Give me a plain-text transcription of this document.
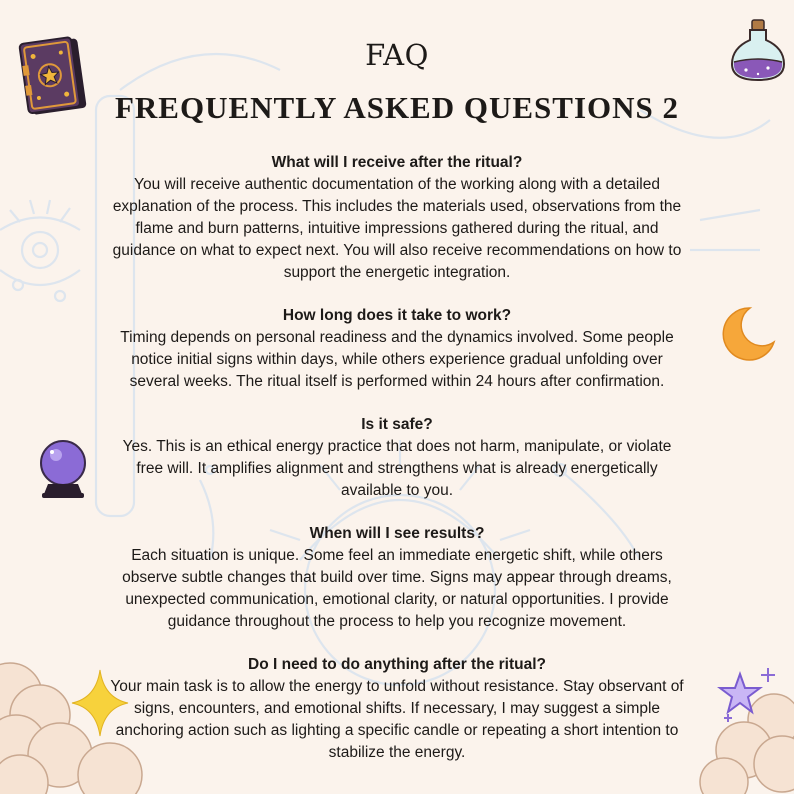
FAQ
FREQUENTLY ASKED QUESTIONS 2
What will I receive after the ritual?
You will receive authentic documentation of the working along with a detailed explanation of the process. This includes the materials used, observations from the flame and burn patterns, intuitive impressions gathered during the ritual, and guidance on what to expect next. You will also receive recommendations on how to support the energetic integration.
How long does it take to work?
Timing depends on personal readiness and the dynamics involved. Some people notice initial signs within days, while others experience gradual unfolding over several weeks. The ritual itself is performed within 24 hours after confirmation.
Is it safe?
Yes. This is an ethical energy practice that does not harm, manipulate, or violate free will. It amplifies alignment and strengthens what is already energetically available to you.
When will I see results?
Each situation is unique. Some feel an immediate energetic shift, while others observe subtle changes that build over time. Signs may appear through dreams, unexpected communication, emotional clarity, or natural opportunities. I provide guidance throughout the process to help you recognize movement.
Do I need to do anything after the ritual?
Your main task is to allow the energy to unfold without resistance. Stay observant of signs, encounters, and emotional shifts. If necessary, I may suggest a simple anchoring action such as lighting a specific candle or repeating a short intention to stabilize the energy.
